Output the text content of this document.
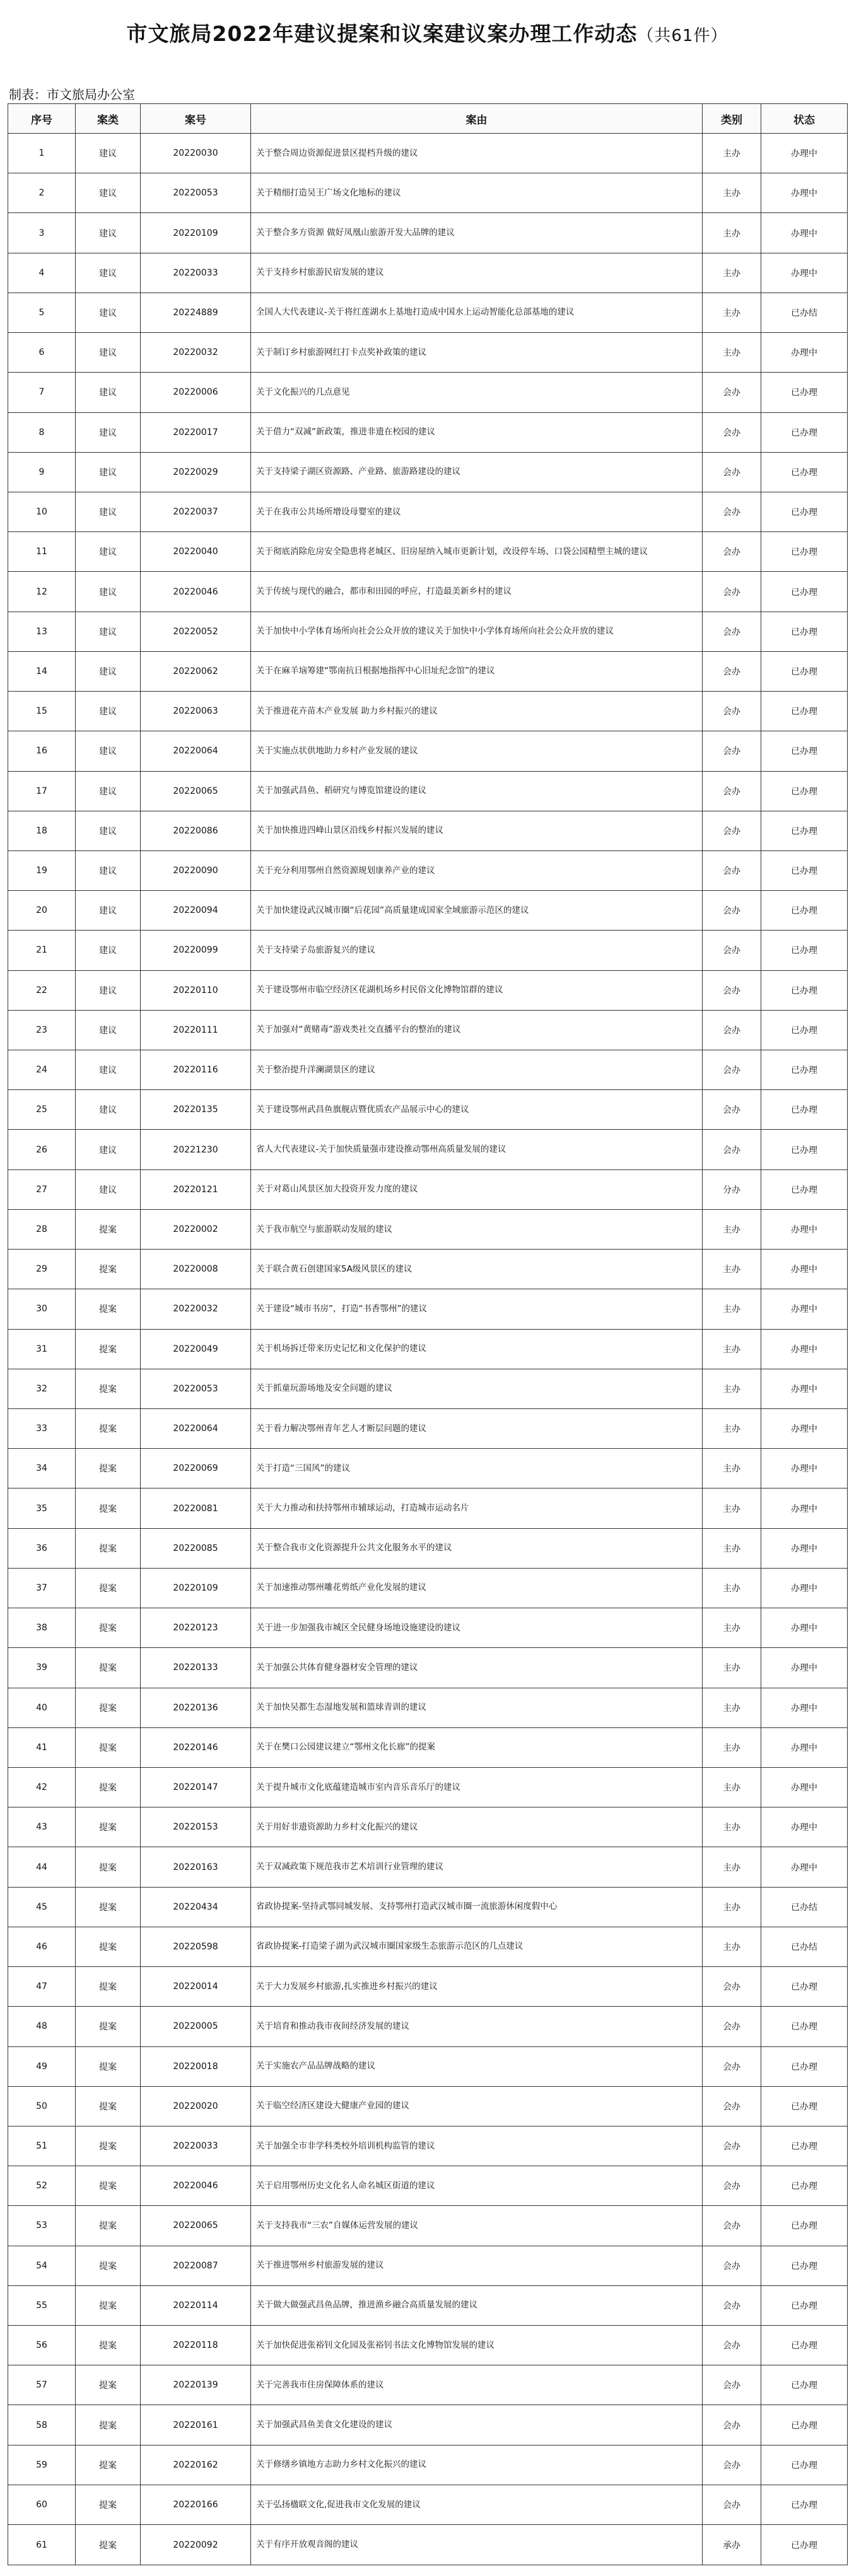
市文旅局2022年建议提案和议案建议案办理工作动态（共61件）
制表：市文旅局办公室
序号	案类	案号	案由	类别	状态
1	建议	20220030	关于整合周边资源促进景区提档升级的建议	主办	办理中
2	建议	20220053	关于精细打造吴王广场文化地标的建议	主办	办理中
3	建议	20220109	关于整合多方资源 做好凤凰山旅游开发大品牌的建议	主办	办理中
4	建议	20220033	关于支持乡村旅游民宿发展的建议	主办	办理中
5	建议	20224889	全国人大代表建议-关于将红莲湖水上基地打造成中国水上运动智能化总部基地的建议	主办	已办结
6	建议	20220032	关于制订乡村旅游网红打卡点奖补政策的建议	主办	办理中
7	建议	20220006	关于文化振兴的几点意见	会办	已办理
8	建议	20220017	关于借力“双减”新政策，推进非遗在校园的建议	会办	已办理
9	建议	20220029	关于支持梁子湖区资源路、产业路、旅游路建设的建议	会办	已办理
10	建议	20220037	关于在我市公共场所增设母婴室的建议	会办	已办理
11	建议	20220040	关于彻底消除危房安全隐患将老城区、旧房屋纳入城市更新计划，改设停车场、口袋公园精塑主城的建议	会办	已办理
12	建议	20220046	关于传统与现代的融合，都市和田园的呼应，打造最美新乡村的建议	会办	已办理
13	建议	20220052	关于加快中小学体育场所向社会公众开放的建议关于加快中小学体育场所向社会公众开放的建议	会办	已办理
14	建议	20220062	关于在麻羊垴筹建“鄂南抗日根据地指挥中心旧址纪念馆”的建议	会办	已办理
15	建议	20220063	关于推进花卉苗木产业发展 助力乡村振兴的建议	会办	已办理
16	建议	20220064	关于实施点状供地助力乡村产业发展的建议	会办	已办理
17	建议	20220065	关于加强武昌鱼、稻研究与博览馆建设的建议	会办	已办理
18	建议	20220086	关于加快推进四峰山景区沿线乡村振兴发展的建议	会办	已办理
19	建议	20220090	关于充分利用鄂州自然资源规划康养产业的建议	会办	已办理
20	建议	20220094	关于加快建设武汉城市圈“后花园”高质量建成国家全域旅游示范区的建议	会办	已办理
21	建议	20220099	关于支持梁子岛旅游复兴的建议	会办	已办理
22	建议	20220110	关于建设鄂州市临空经济区花湖机场乡村民俗文化博物馆群的建议	会办	已办理
23	建议	20220111	关于加强对“黄赌毒”游戏类社交直播平台的整治的建议	会办	已办理
24	建议	20220116	关于整治提升洋澜湖景区的建议	会办	已办理
25	建议	20220135	关于建设鄂州武昌鱼旗舰店暨优质农产品展示中心的建议	会办	已办理
26	建议	20221230	省人大代表建议-关于加快质量强市建设推动鄂州高质量发展的建议	会办	已办理
27	建议	20220121	关于对葛山风景区加大投资开发力度的建议	分办	已办理
28	提案	20220002	关于我市航空与旅游联动发展的建议	主办	办理中
29	提案	20220008	关于联合黄石创建国家5A级风景区的建议	主办	办理中
30	提案	20220032	关于建设“城市书房”，打造“书香鄂州”的建议	主办	办理中
31	提案	20220049	关于机场拆迁带来历史记忆和文化保护的建议	主办	办理中
32	提案	20220053	关于抓童玩游场地及安全问题的建议	主办	办理中
33	提案	20220064	关于看力解决鄂州青年艺人才断层问题的建议	主办	办理中
34	提案	20220069	关于打造“三国风”的建议	主办	办理中
35	提案	20220081	关于大力推动和扶持鄂州市辅球运动，打造城市运动名片	主办	办理中
36	提案	20220085	关于整合我市文化资源提升公共文化服务水平的建议	主办	办理中
37	提案	20220109	关于加速推动鄂州雕花剪纸产业化发展的建议	主办	办理中
38	提案	20220123	关于进一步加强我市城区全民健身场地设施建设的建议	主办	办理中
39	提案	20220133	关于加强公共体育健身器材安全管理的建议	主办	办理中
40	提案	20220136	关于加快吴都生态湿地发展和篮球青训的建议	主办	办理中
41	提案	20220146	关于在樊口公园建议建立“鄂州文化长廊”的提案	主办	办理中
42	提案	20220147	关于提升城市文化底蕴建造城市室内音乐音乐厅的建议	主办	办理中
43	提案	20220153	关于用好非遗资源助力乡村文化振兴的建议	主办	办理中
44	提案	20220163	关于双减政策下规范我市艺术培训行业管理的建议	主办	办理中
45	提案	20220434	省政协提案-坚持武鄂同城发展、支持鄂州打造武汉城市圈一流旅游休闲度假中心	主办	已办结
46	提案	20220598	省政协提案-打造梁子湖为武汉城市圈国家级生态旅游示范区的几点建议	主办	已办结
47	提案	20220014	关于大力发展乡村旅游,扎实推进乡村振兴的建议	会办	已办理
48	提案	20220005	关于培育和推动我市夜间经济发展的建议	会办	已办理
49	提案	20220018	关于实施农产品品牌战略的建议	会办	已办理
50	提案	20220020	关于临空经济区建设大健康产业园的建议	会办	已办理
51	提案	20220033	关于加强全市非学科类校外培训机构监管的建议	会办	已办理
52	提案	20220046	关于启用鄂州历史文化名人命名城区街道的建议	会办	已办理
53	提案	20220065	关于支持我市“三农”自媒体运营发展的建议	会办	已办理
54	提案	20220087	关于推进鄂州乡村旅游发展的建议	会办	已办理
55	提案	20220114	关于做大做强武昌鱼品牌，推进渔乡融合高质量发展的建议	会办	已办理
56	提案	20220118	关于加快促进张裕钊文化园及张裕钊书法文化博物馆发展的建议	会办	已办理
57	提案	20220139	关于完善我市住房保障体系的建议	会办	已办理
58	提案	20220161	关于加强武昌鱼美食文化建设的建议	会办	已办理
59	提案	20220162	关于修缮乡镇地方志助力乡村文化振兴的建议	会办	已办理
60	提案	20220166	关于弘扬楹联文化,促进我市文化发展的建议	会办	已办理
61	提案	20220092	关于有序开放观音阁的建议	承办	已办理
